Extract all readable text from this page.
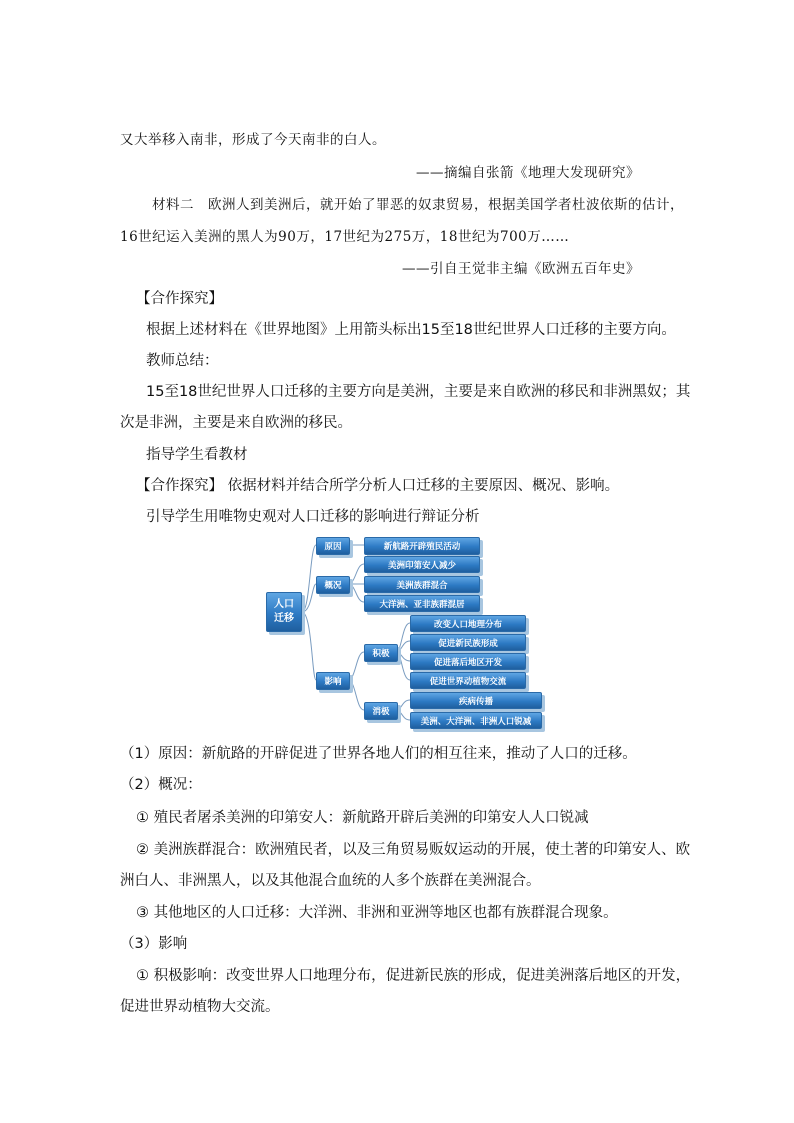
又大举移入南非，形成了今天南非的白人。
——摘编自张箭《地理大发现研究》
材料二　欧洲人到美洲后，就开始了罪恶的奴隶贸易，根据美国学者杜波依斯的估计，
16世纪运入美洲的黑人为90万，17世纪为275万，18世纪为700万……
——引自王觉非主编《欧洲五百年史》
【合作探究】
根据上述材料在《世界地图》上用箭头标出15至18世纪世界人口迁移的主要方向。
教师总结：
15至18世纪世界人口迁移的主要方向是美洲，主要是来自欧洲的移民和非洲黑奴；其
次是非洲，主要是来自欧洲的移民。
指导学生看教材
【合作探究】 依据材料并结合所学分析人口迁移的主要原因、概况、影响。
引导学生用唯物史观对人口迁移的影响进行辩证分析
人口
迁移
原因	新航路开辟殖民活动
概况
美洲印第安人减少
美洲族群混合
大洋洲、亚非族群混居
影响
积极
改变人口地理分布
促进新民族形成
促进落后地区开发
促进世界动植物交流
消极
疾病传播
美洲、大洋洲、非洲人口锐减
（1）原因：新航路的开辟促进了世界各地人们的相互往来，推动了人口的迁移。
（2）概况：
① 殖民者屠杀美洲的印第安人：新航路开辟后美洲的印第安人人口锐减
② 美洲族群混合：欧洲殖民者，以及三角贸易贩奴运动的开展，使土著的印第安人、欧
洲白人、非洲黑人，以及其他混合血统的人多个族群在美洲混合。
③ 其他地区的人口迁移：大洋洲、非洲和亚洲等地区也都有族群混合现象。
（3）影响
① 积极影响：改变世界人口地理分布，促进新民族的形成，促进美洲落后地区的开发，
促进世界动植物大交流。
